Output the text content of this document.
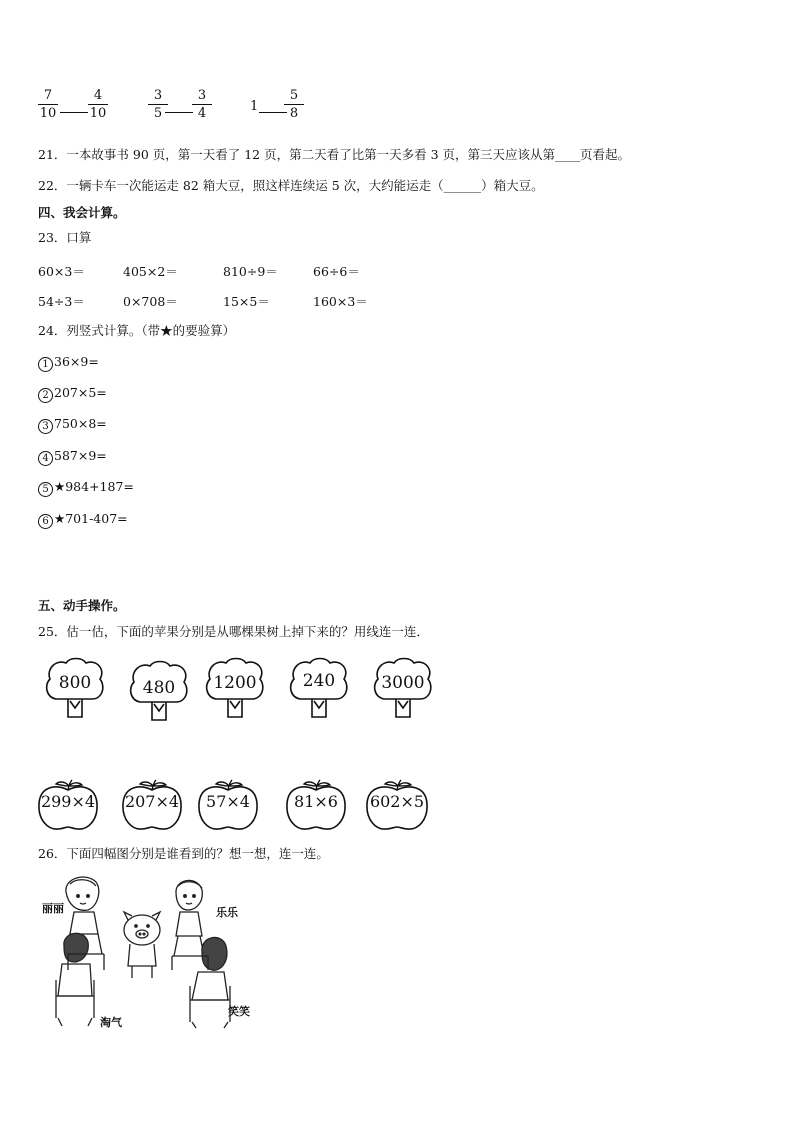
7
10
4
10
3
5
3
4	1
5
8
21．一本故事书 90 页，第一天看了 12 页，第二天看了比第一天多看 3 页，第三天应该从第____页看起。
22．一辆卡车一次能运走 82 箱大豆，照这样连续运 5 次，大约能运走（______）箱大豆。
四、我会计算。
23．口算
60×3＝	405×2＝	810÷9＝	66÷6＝
54÷3＝	0×708＝	15×5＝	160×3＝
24．列竖式计算。（带★的要验算）
1 36×9=
2 207×5=
3 750×8=
4 587×9=
5 ★984+187=
6 ★701-407=
五、动手操作。
25．估一估，下面的苹果分别是从哪棵果树上掉下来的？用线连一连．
800	480	1200	240	3000
299×4	207×4	57×4	81×6	602×5
26．下面四幅图分别是谁看到的？想一想，连一连。
丽丽	乐乐
淘气
笑笑
